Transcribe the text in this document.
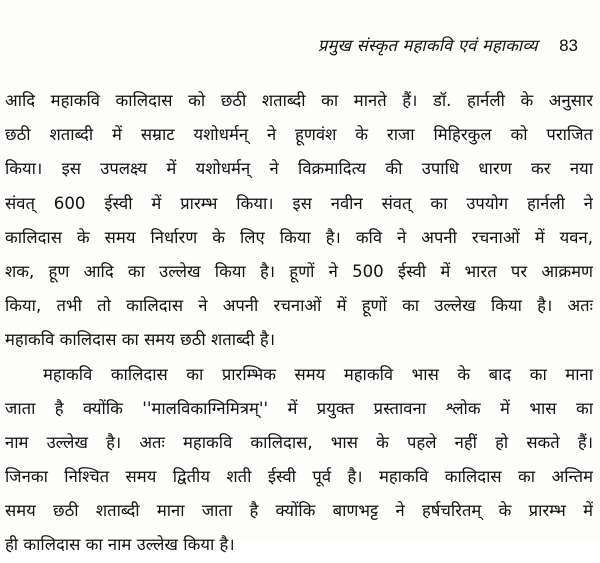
प्रमुख संस्कृत महाकवि एवं महाकाव्य 83
आदि महाकवि कालिदास को छठी शताब्दी का मानते हैं। डॉ. हार्नली के अनुसार
छठी शताब्दी में सम्राट यशोधर्मन् ने हूणवंश के राजा मिहिरकुल को पराजित
किया। इस उपलक्ष्य में यशोधर्मन् ने विक्रमादित्य की उपाधि धारण कर नया
संवत् 600 ईस्वी में प्रारम्भ किया। इस नवीन संवत् का उपयोग हार्नली ने
कालिदास के समय निर्धारण के लिए किया है। कवि ने अपनी रचनाओं में यवन,
शक, हूण आदि का उल्लेख किया है। हूणों ने 500 ईस्वी में भारत पर आक्रमण
किया, तभी तो कालिदास ने अपनी रचनाओं में हूणों का उल्लेख किया है। अतः
महाकवि कालिदास का समय छठी शताब्दी है।
महाकवि कालिदास का प्रारम्भिक समय महाकवि भास के बाद का माना
जाता है क्योंकि ''मालविकाग्निमित्रम्'' में प्रयुक्त प्रस्तावना श्लोक में भास का
नाम उल्लेख है। अतः महाकवि कालिदास, भास के पहले नहीं हो सकते हैं।
जिनका निश्चित समय द्वितीय शती ईस्वी पूर्व है। महाकवि कालिदास का अन्तिम
समय छठी शताब्दी माना जाता है क्योंकि बाणभट्ट ने हर्षचरितम् के प्रारम्भ में
ही कालिदास का नाम उल्लेख किया है।
